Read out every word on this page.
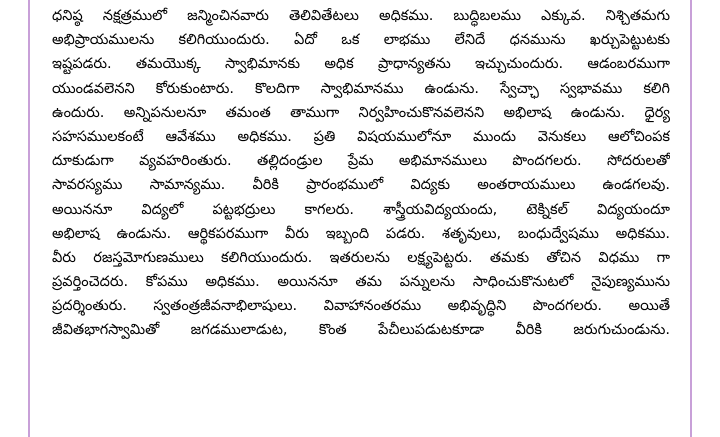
ధనిష్ఠ నక్షత్రములో జన్మించినవారు తెలివితేటలు అధికము. బుద్ధిబలము ఎక్కువ. నిశ్చితమగు
అభిప్రాయములను కలిగియుందురు. ఏదో ఒక లాభము లేనిదే ధనమును ఖర్చుపెట్టుటకు
ఇష్టపడరు. తమయొక్క స్వాభిమానకు అధిక ప్రాధాన్యతను ఇచ్చుచుందురు. ఆడంబరముగా
యుండవలెనని కోరుకుంటారు. కొలదిగా స్వాభిమానము ఉండును. స్వేచ్ఛా స్వభావము కలిగి
ఉందురు. అన్నిపనులనూ తమంత తాముగా నిర్వహించుకొనవలెనని అభిలాష ఉండును. ధైర్య
సహసములకంటే ఆవేశము అధికము. ప్రతి విషయములోనూ ముందు వెనుకలు ఆలోచింపక
దూకుడుగా వ్యవహరింతురు. తల్లిదండ్రుల ప్రేమ అభిమానములు పొందగలరు. సోదరులతో
సావరస్యము సామాన్యము. వీరికి ప్రారంభములో విద్యకు అంతరాయములు ఉండగలవు.
అయిననూ విద్యలో పట్టభద్రులు కాగలరు. శాస్త్రీయవిద్యయందు, టెక్నికల్ విద్యయందూ
అభిలాష ఉండును. ఆర్థికపరముగా వీరు ఇబ్బంది పడరు. శతృవులు, బంధుద్వేషము అధికము.
వీరు రజస్తమోగుణములు కలిగియుందురు. ఇతరులను లక్ష్యపెట్టరు. తమకు తోచిన విధము గా
ప్రవర్తించెదరు. కోపము అధికము. అయిననూ తమ పన్నులను సాధించుకొనుటలో నైపుణ్యమును
ప్రదర్శింతురు. స్వతంత్రజీవనాభిలాషులు. వివాహానంతరము అభివృద్ధిని పొందగలరు. అయితే
జీవితభాగస్వామితో జగడములాడుట, కొంత పేచీలుపడుటకూడా వీరికి జరుగుచుండును.
